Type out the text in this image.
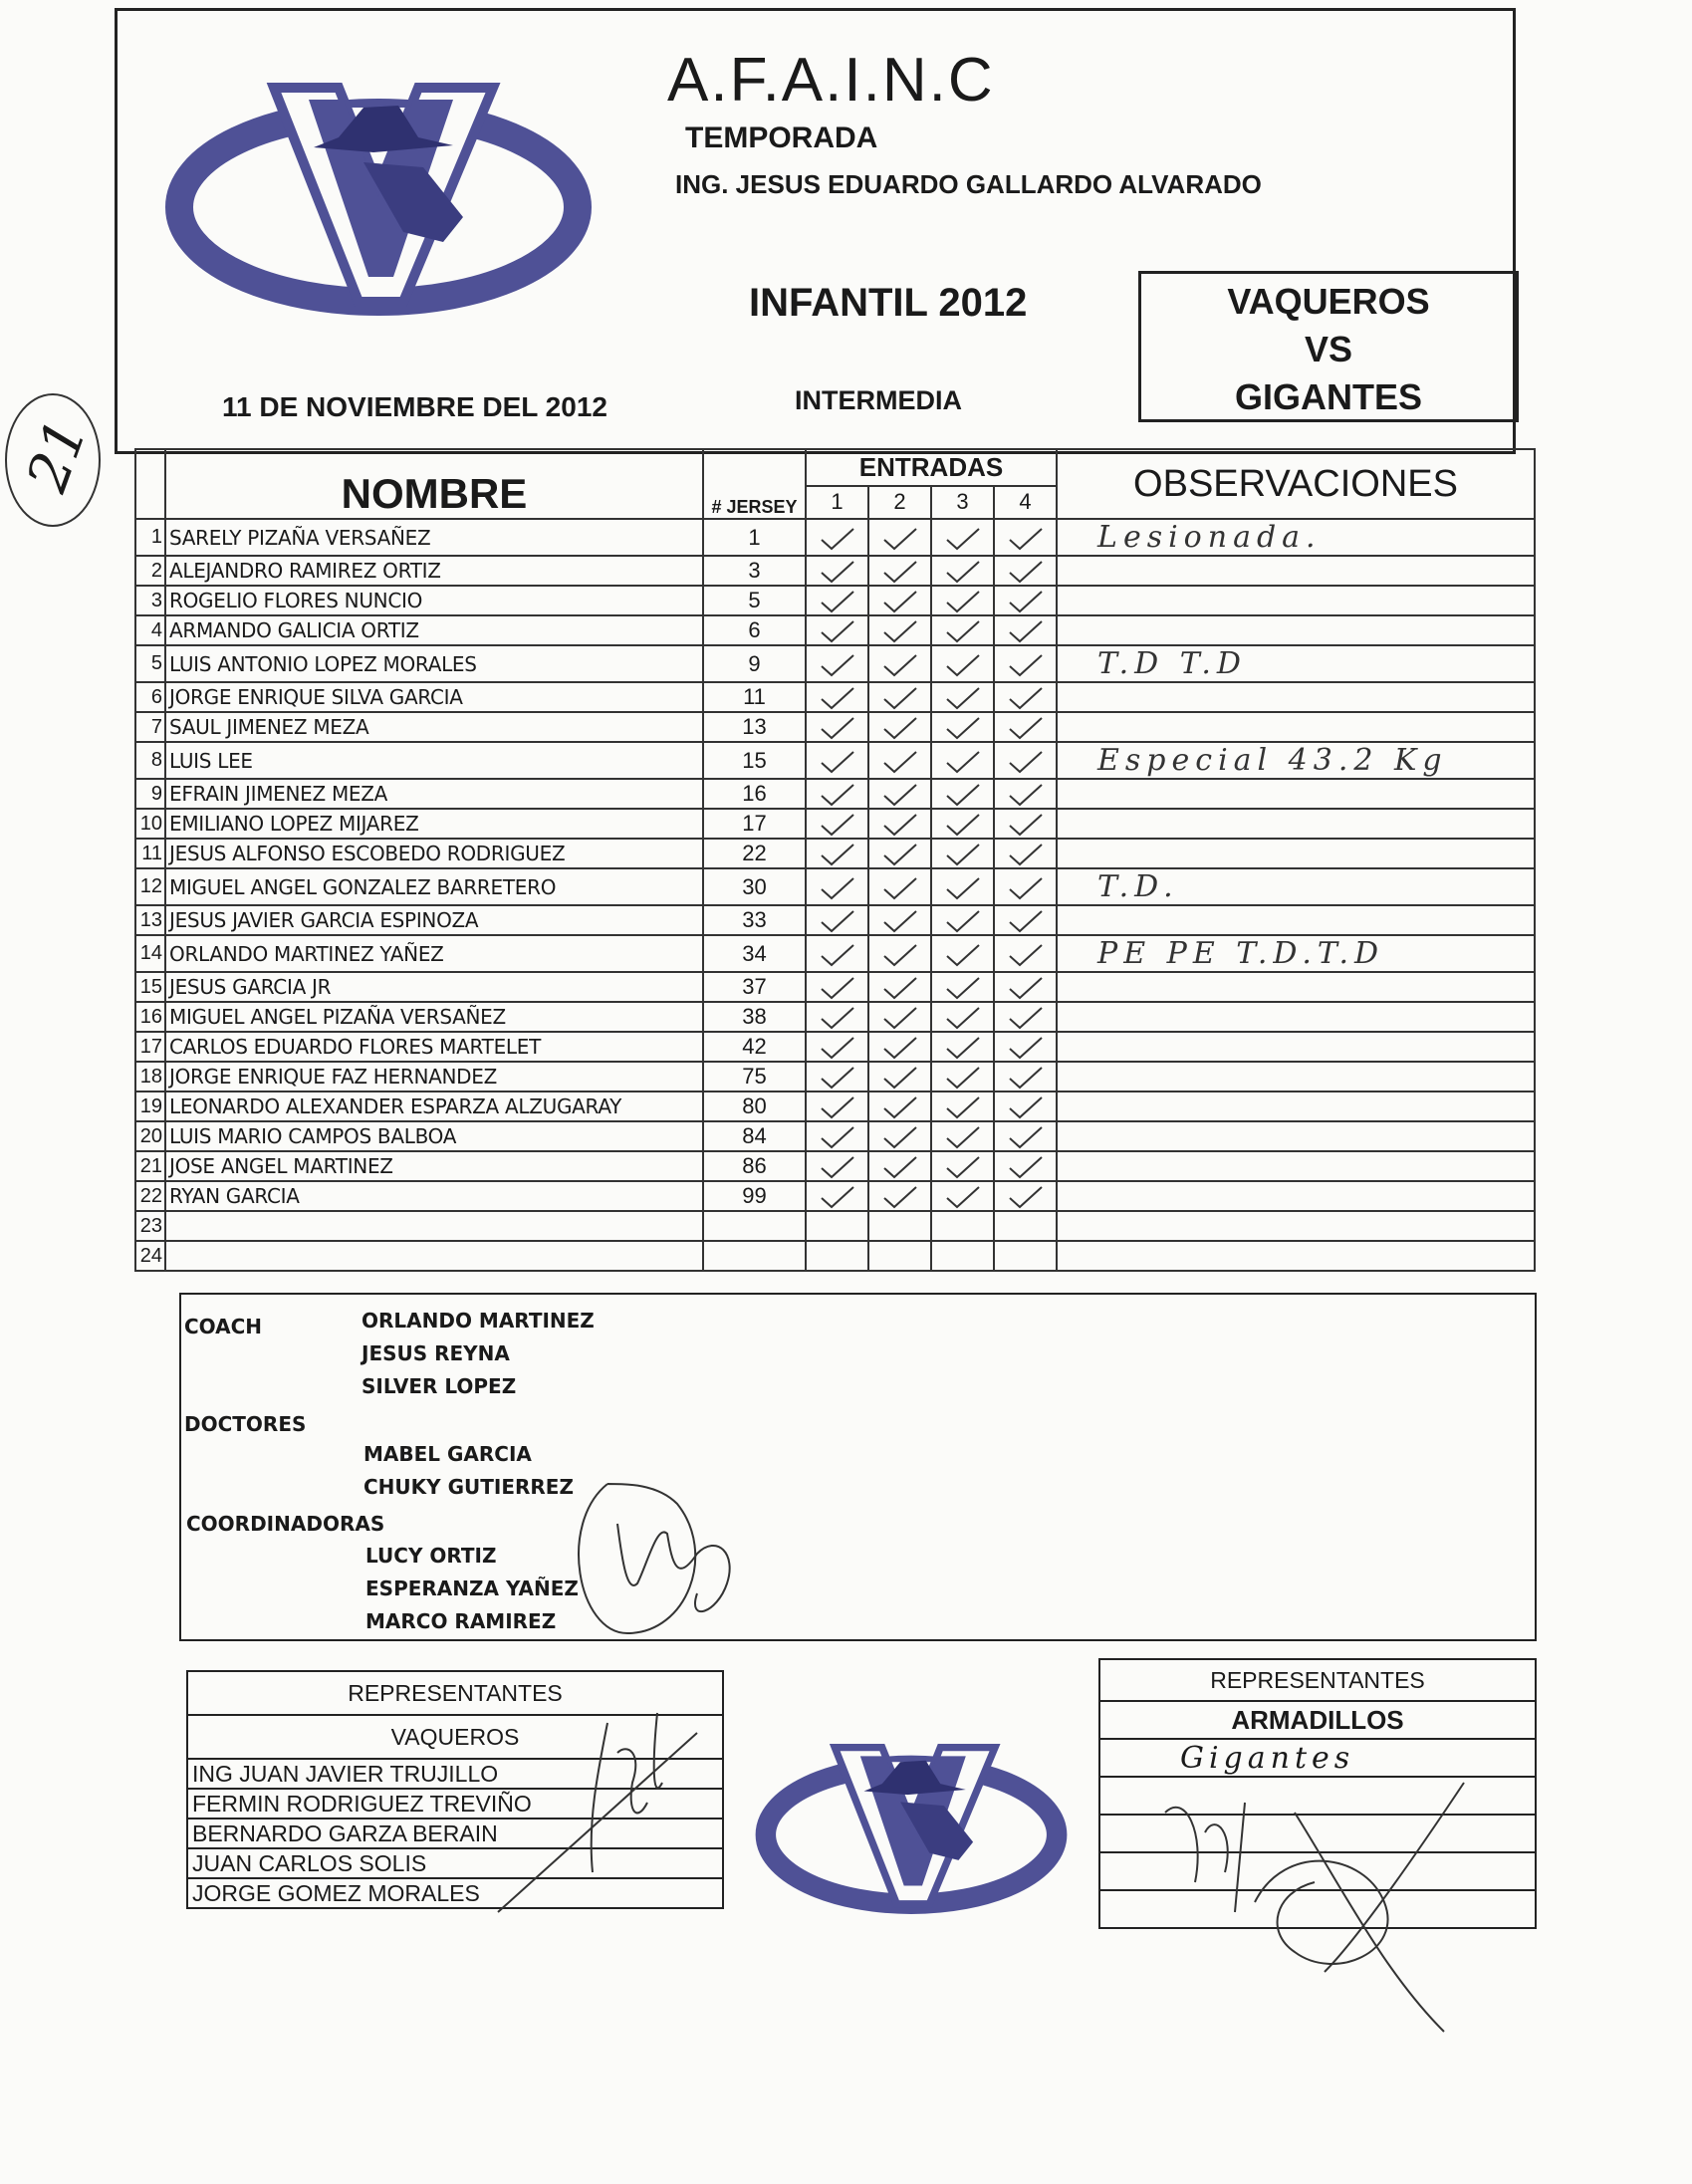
21
A.F.A.I.N.C
TEMPORADA
ING. JESUS EDUARDO GALLARDO ALVARADO
INFANTIL 2012
11 DE NOVIEMBRE DEL 2012	INTERMEDIA
VAQUEROS
VS
GIGANTES
	NOMBRE	# JERSEY	ENTRADAS				OBSERVACIONES
			1	2	3	4	
1	SARELY PIZAÑA VERSAÑEZ	1					Lesionada.
2	ALEJANDRO RAMIREZ ORTIZ	3	

3	ROGELIO FLORES NUNCIO	5	

4	ARMANDO GALICIA ORTIZ	6	

5	LUIS ANTONIO LOPEZ MORALES	9					T.D T.D
6	JORGE ENRIQUE SILVA GARCIA	11	

7	SAUL JIMENEZ MEZA	13	

8	LUIS LEE	15					Especial 43.2 Kg
9	EFRAIN JIMENEZ MEZA	16	

10	EMILIANO LOPEZ MIJAREZ	17	

11	JESUS ALFONSO ESCOBEDO RODRIGUEZ	22	

12	MIGUEL ANGEL GONZALEZ BARRETERO	30					T.D.
13	JESUS JAVIER GARCIA ESPINOZA	33	

14	ORLANDO MARTINEZ YAÑEZ	34					PE PE T.D.T.D
15	JESUS GARCIA JR	37	

16	MIGUEL ANGEL PIZAÑA VERSAÑEZ	38	

17	CARLOS EDUARDO FLORES MARTELET	42	

18	JORGE ENRIQUE FAZ HERNANDEZ	75	

19	LEONARDO ALEXANDER ESPARZA ALZUGARAY	80	

20	LUIS MARIO CAMPOS BALBOA	84	

21	JOSE ANGEL MARTINEZ	86	

22	RYAN GARCIA	99	

23							
24							
COACH	ORLANDO MARTINEZ
JESUS REYNA
SILVER LOPEZ
DOCTORES
MABEL GARCIA
CHUKY GUTIERREZ
COORDINADORAS
LUCY ORTIZ
ESPERANZA YAÑEZ
MARCO RAMIREZ
REPRESENTANTES
VAQUEROS
ING JUAN JAVIER TRUJILLO
FERMIN RODRIGUEZ TREVIÑO
BERNARDO GARZA BERAIN
JUAN CARLOS SOLIS
JORGE GOMEZ MORALES
REPRESENTANTES
ARMADILLOS
Gigantes
